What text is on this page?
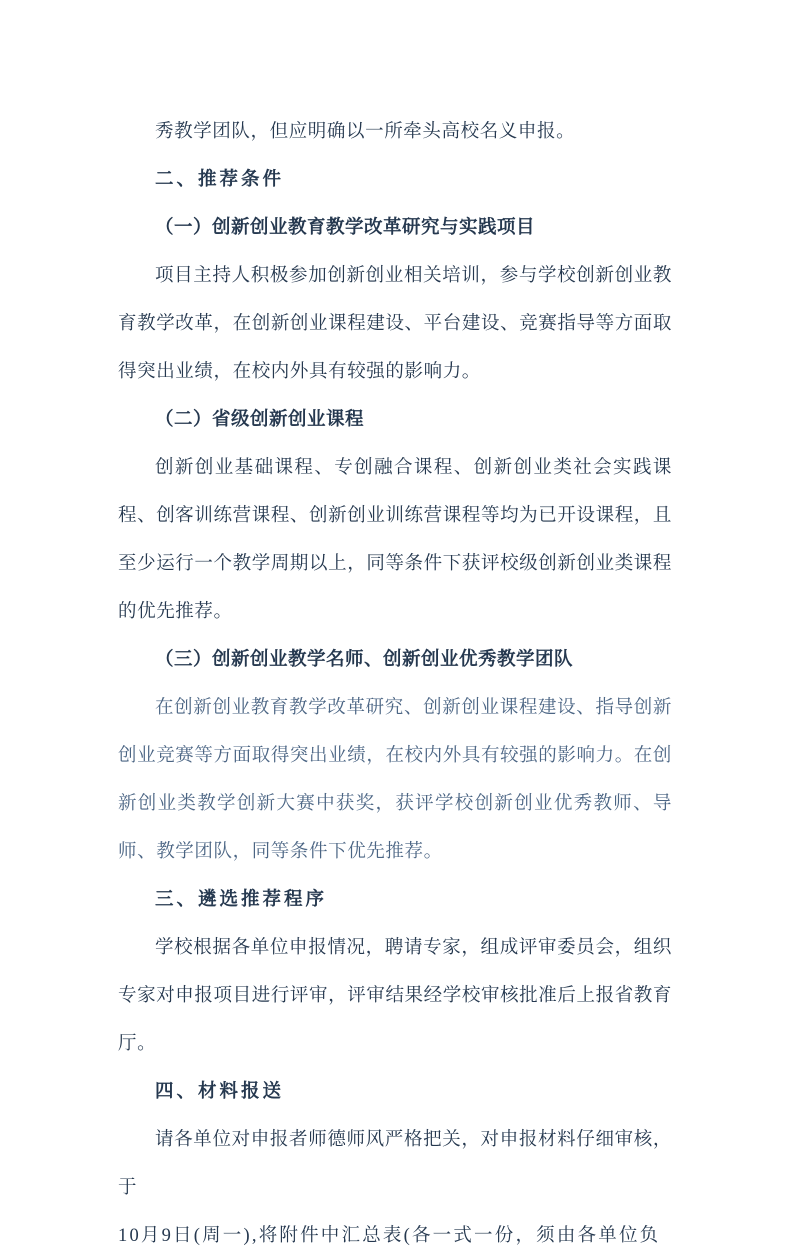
秀教学团队，但应明确以一所牵头高校名义申报。

二、推荐条件

（一）创新创业教育教学改革研究与实践项目

项目主持人积极参加创新创业相关培训，参与学校创新创业教育教学改革，在创新创业课程建设、平台建设、竞赛指导等方面取得突出业绩，在校内外具有较强的影响力。

（二）省级创新创业课程

创新创业基础课程、专创融合课程、创新创业类社会实践课程、创客训练营课程、创新创业训练营课程等均为已开设课程，且至少运行一个教学周期以上，同等条件下获评校级创新创业类课程的优先推荐。

（三）创新创业教学名师、创新创业优秀教学团队

在创新创业教育教学改革研究、创新创业课程建设、指导创新创业竞赛等方面取得突出业绩，在校内外具有较强的影响力。在创新创业类教学创新大赛中获奖，获评学校创新创业优秀教师、导师、教学团队，同等条件下优先推荐。

三、遴选推荐程序

学校根据各单位申报情况，聘请专家，组成评审委员会，组织专家对申报项目进行评审，评审结果经学校审核批准后上报省教育厅。

四、材料报送

请各单位对申报者师德师风严格把关，对申报材料仔细审核，于

10月9日(周一),将附件中汇总表(各一式一份，须由各单位负
